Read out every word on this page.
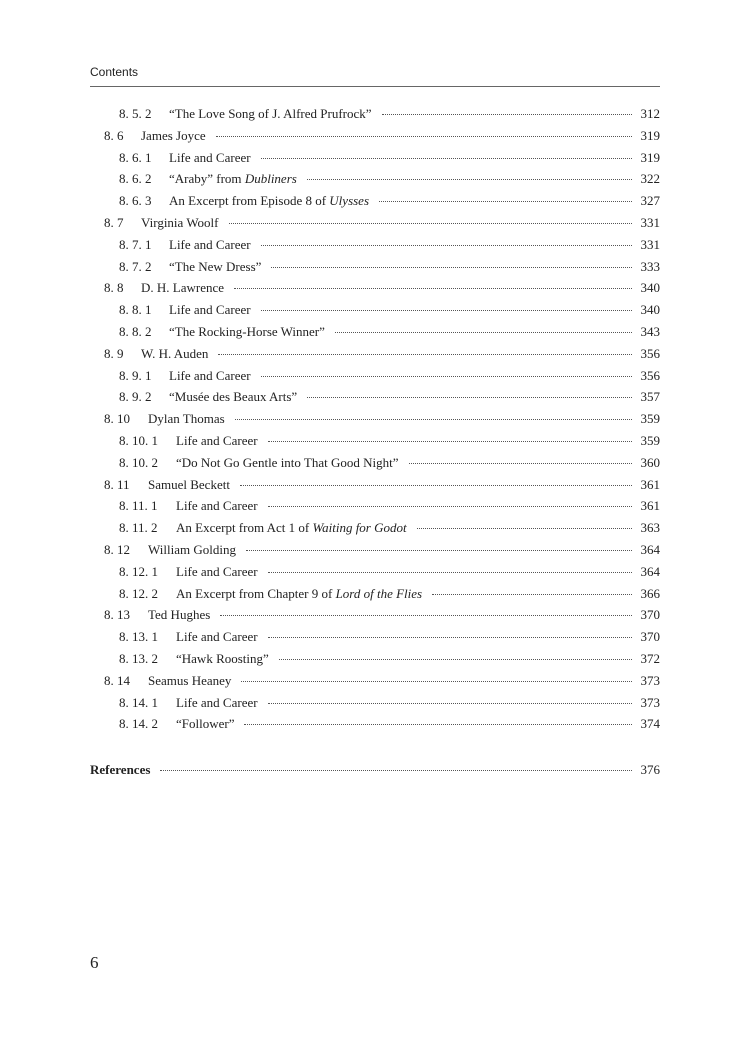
Contents
8. 5. 2	“The Love Song of J. Alfred Prufrock”	312
8. 6	James Joyce	319
8. 6. 1	Life and Career	319
8. 6. 2	“Araby” from Dubliners	322
8. 6. 3	An Excerpt from Episode 8 of Ulysses	327
8. 7	Virginia Woolf	331
8. 7. 1	Life and Career	331
8. 7. 2	“The New Dress”	333
8. 8	D. H. Lawrence	340
8. 8. 1	Life and Career	340
8. 8. 2	“The Rocking-Horse Winner”	343
8. 9	W. H. Auden	356
8. 9. 1	Life and Career	356
8. 9. 2	“Musée des Beaux Arts”	357
8. 10	Dylan Thomas	359
8. 10. 1	Life and Career	359
8. 10. 2	“Do Not Go Gentle into That Good Night”	360
8. 11	Samuel Beckett	361
8. 11. 1	Life and Career	361
8. 11. 2	An Excerpt from Act 1 of Waiting for Godot	363
8. 12	William Golding	364
8. 12. 1	Life and Career	364
8. 12. 2	An Excerpt from Chapter 9 of Lord of the Flies	366
8. 13	Ted Hughes	370
8. 13. 1	Life and Career	370
8. 13. 2	“Hawk Roosting”	372
8. 14	Seamus Heaney	373
8. 14. 1	Life and Career	373
8. 14. 2	“Follower”	374
References	376
6
